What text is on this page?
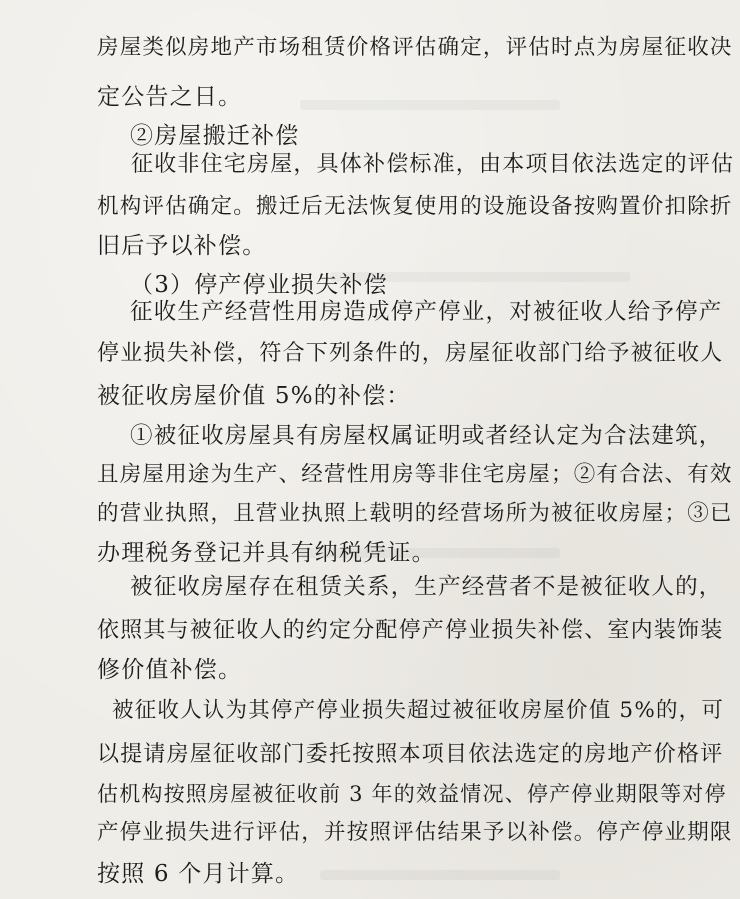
房屋类似房地产市场租赁价格评估确定，评估时点为房屋征收决
定公告之日。
②房屋搬迁补偿
征收非住宅房屋，具体补偿标准，由本项目依法选定的评估
机构评估确定。搬迁后无法恢复使用的设施设备按购置价扣除折
旧后予以补偿。
（3）停产停业损失补偿
征收生产经营性用房造成停产停业，对被征收人给予停产
停业损失补偿，符合下列条件的，房屋征收部门给予被征收人
被征收房屋价值 5%的补偿：
①被征收房屋具有房屋权属证明或者经认定为合法建筑，
且房屋用途为生产、经营性用房等非住宅房屋；②有合法、有效
的营业执照，且营业执照上载明的经营场所为被征收房屋；③已
办理税务登记并具有纳税凭证。
被征收房屋存在租赁关系，生产经营者不是被征收人的，
依照其与被征收人的约定分配停产停业损失补偿、室内装饰装
修价值补偿。
被征收人认为其停产停业损失超过被征收房屋价值 5%的，可
以提请房屋征收部门委托按照本项目依法选定的房地产价格评
估机构按照房屋被征收前 3 年的效益情况、停产停业期限等对停
产停业损失进行评估，并按照评估结果予以补偿。停产停业期限
按照 6 个月计算。
